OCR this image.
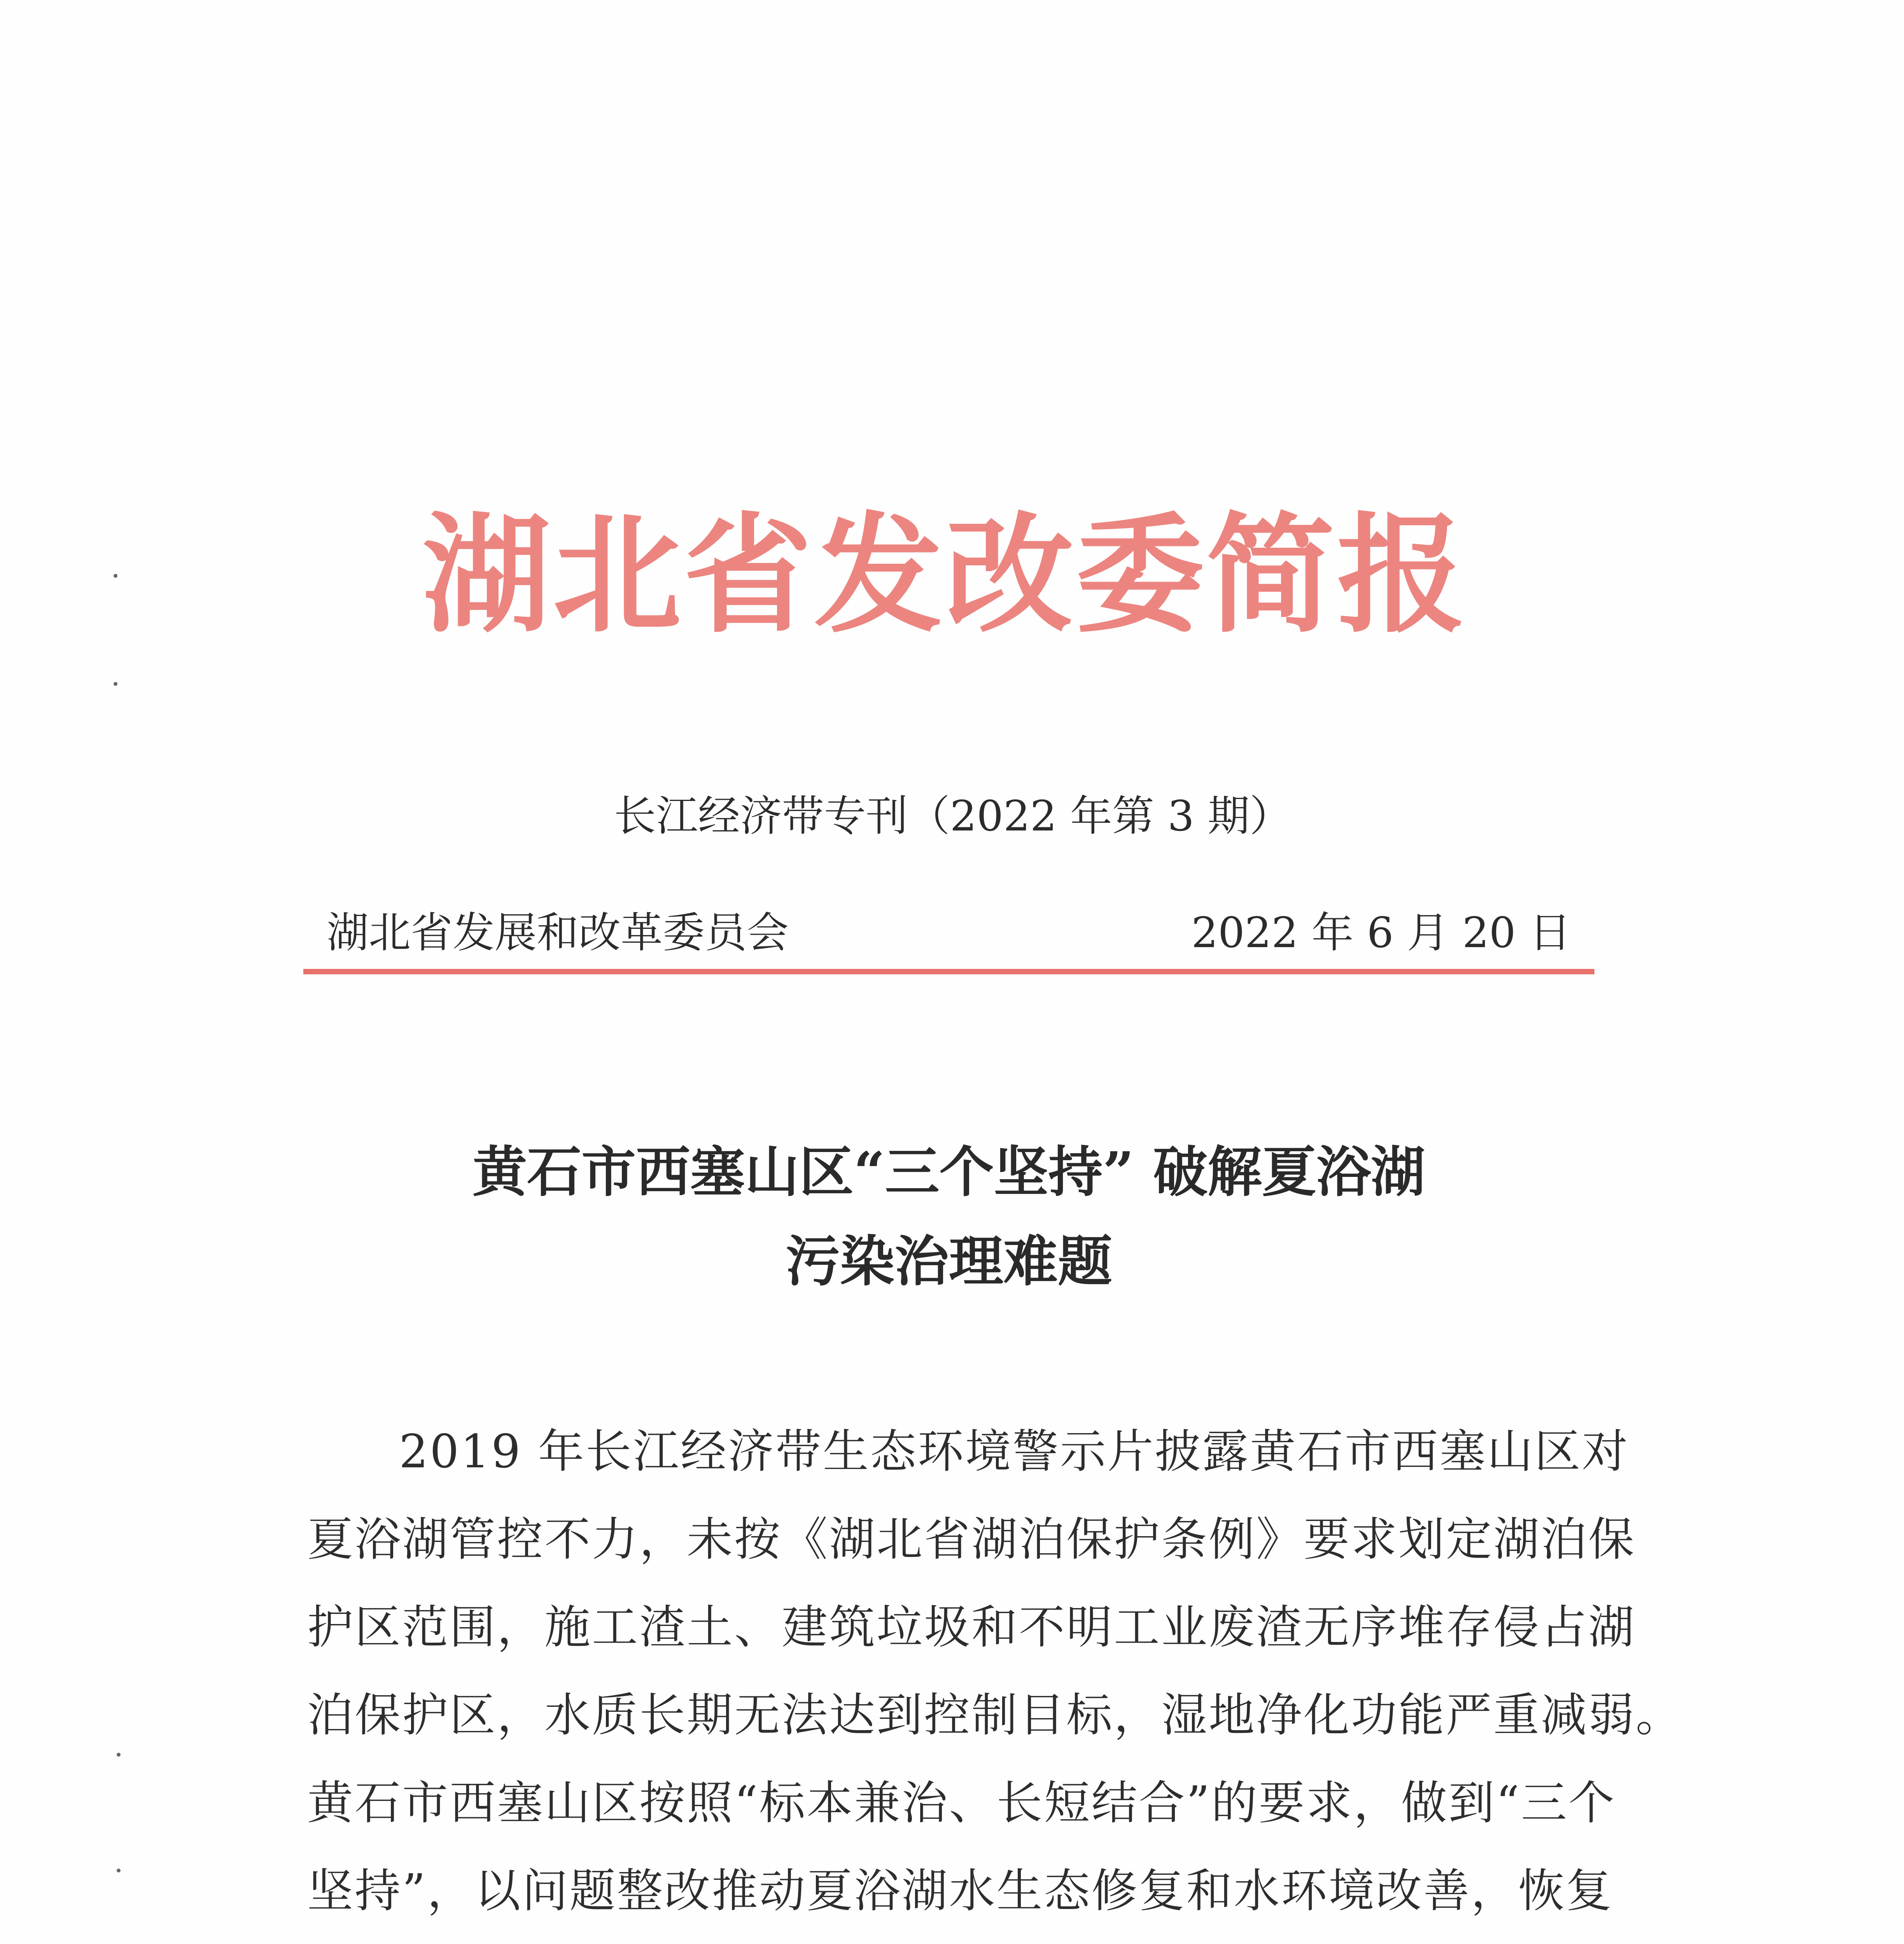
湖北省发改委简报
长江经济带专刊（2022 年第 3 期）
湖北省发展和改革委员会	2022 年 6 月 20 日
黄石市西塞山区“三个坚持” 破解夏浴湖
污染治理难题
2019 年长江经济带生态环境警示片披露黄石市西塞山区对
夏浴湖管控不力，未按《湖北省湖泊保护条例》要求划定湖泊保
护区范围，施工渣土、建筑垃圾和不明工业废渣无序堆存侵占湖
泊保护区，水质长期无法达到控制目标，湿地净化功能严重减弱。
黄石市西塞山区按照“标本兼治、长短结合”的要求，做到“三个
坚持”，以问题整改推动夏浴湖水生态修复和水环境改善，恢复
